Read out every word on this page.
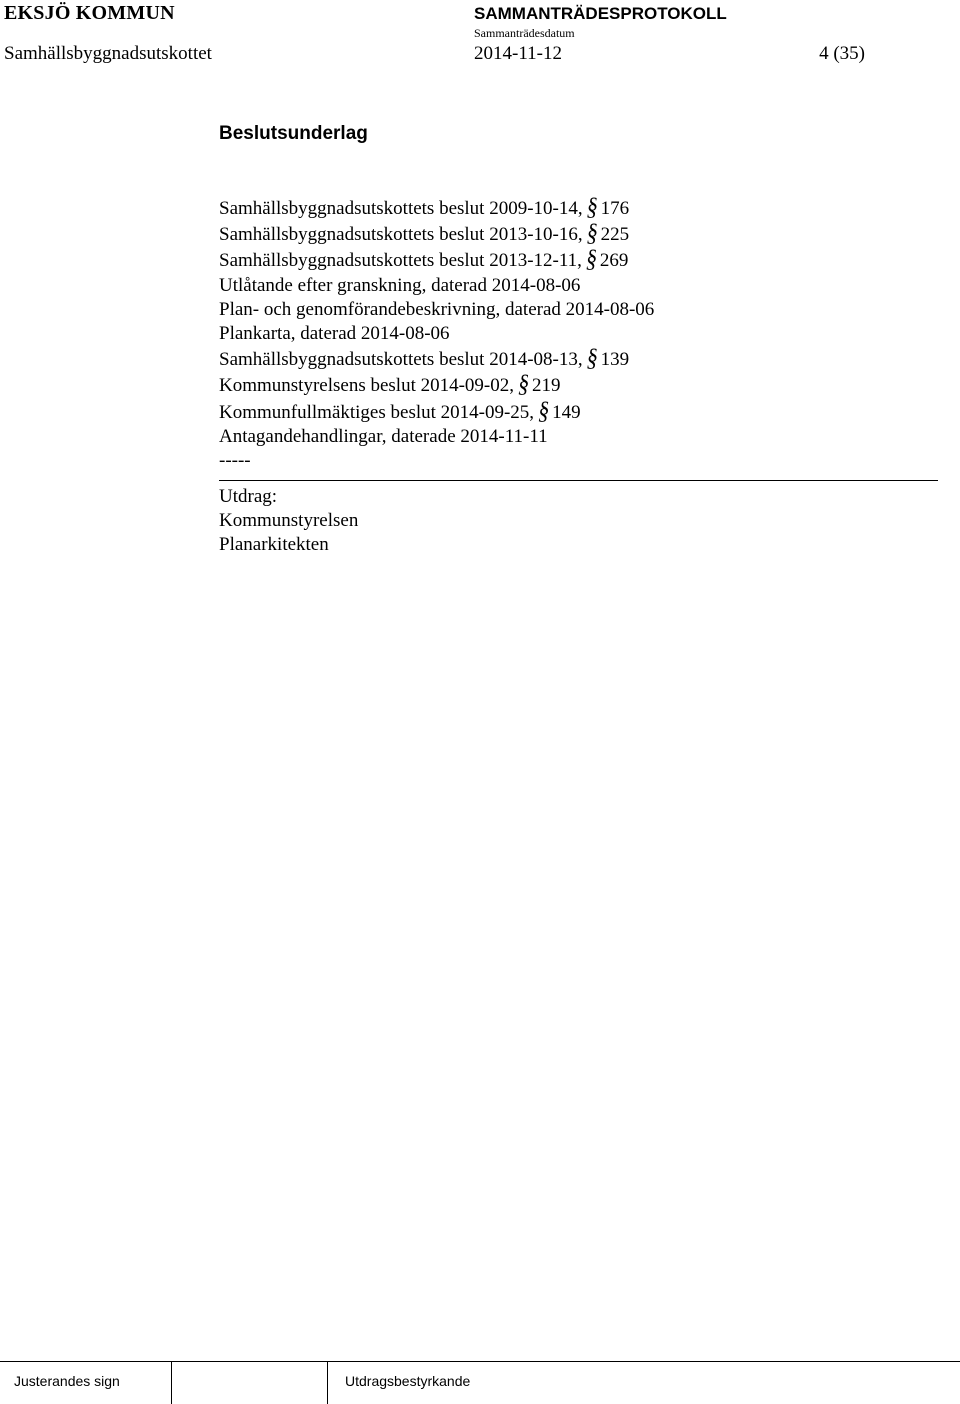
EKSJÖ KOMMUN	SAMMANTRÄDESPROTOKOLL
Sammanträdesdatum
Samhällsbyggnadsutskottet	2014-11-12	4 (35)
Beslutsunderlag
Samhällsbyggnadsutskottets beslut 2009-10-14, § 176
Samhällsbyggnadsutskottets beslut 2013-10-16, § 225
Samhällsbyggnadsutskottets beslut 2013-12-11, § 269
Utlåtande efter granskning, daterad 2014-08-06
Plan- och genomförandebeskrivning, daterad 2014-08-06
Plankarta, daterad 2014-08-06
Samhällsbyggnadsutskottets beslut 2014-08-13, § 139
Kommunstyrelsens beslut 2014-09-02, § 219
Kommunfullmäktiges beslut 2014-09-25, § 149
Antagandehandlingar, daterade 2014-11-11
-----
Utdrag:
Kommunstyrelsen
Planarkitekten
Justerandes sign	Utdragsbestyrkande
